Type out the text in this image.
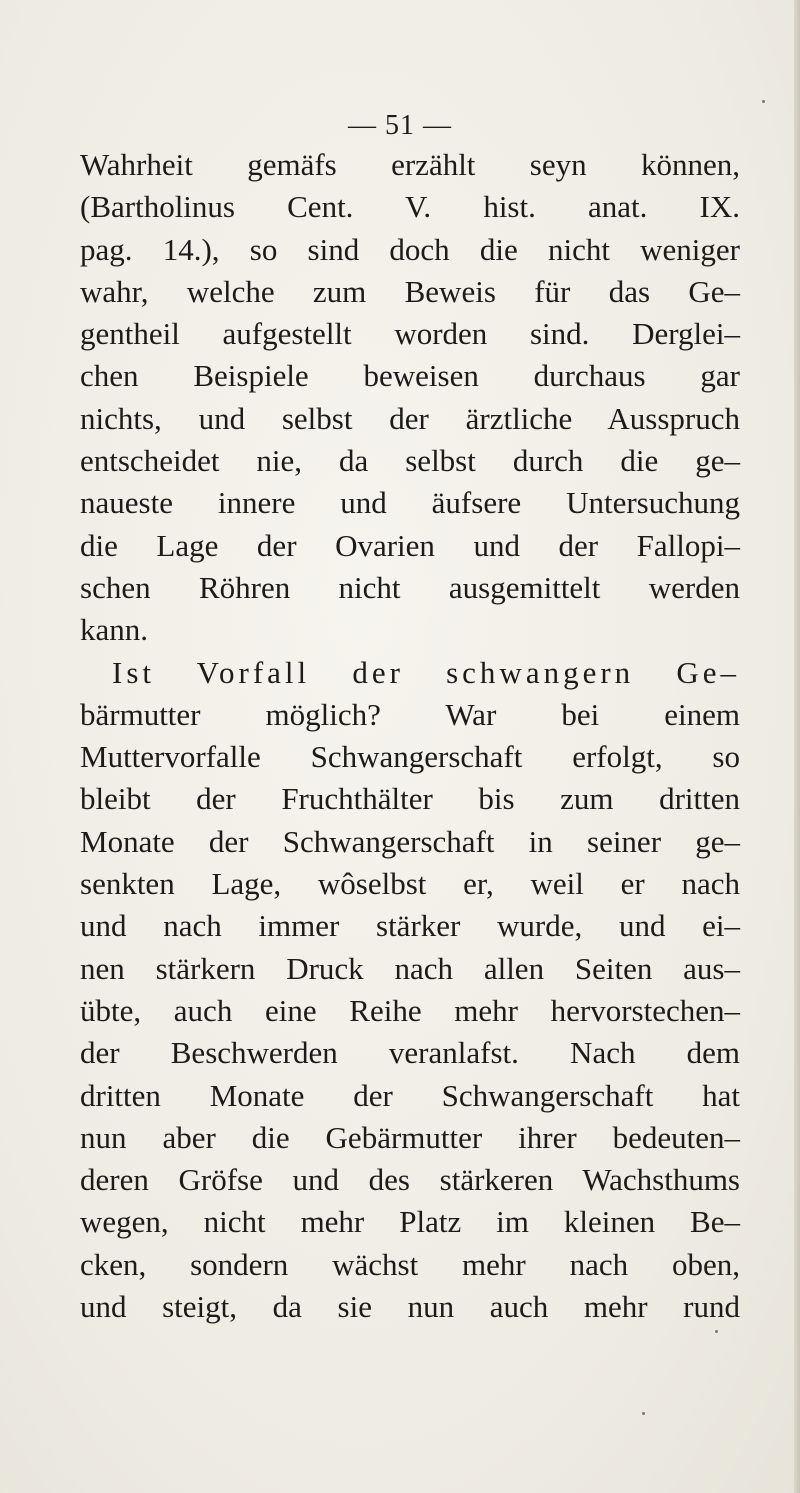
— 51 —
Wahrheit gemäfs erzählt seyn können,
(Bartholinus Cent. V. hist. anat. IX.
pag. 14.), so sind doch die nicht weniger
wahr, welche zum Beweis für das Ge–
gentheil aufgestellt worden sind. Derglei–
chen Beispiele beweisen durchaus gar
nichts, und selbst der ärztliche Ausspruch
entscheidet nie, da selbst durch die ge–
naueste innere und äufsere Untersuchung
die Lage der Ovarien und der Fallopi–
schen Röhren nicht ausgemittelt werden
kann.
Ist Vorfall der schwangern Ge–
bärmutter möglich? War bei einem
Muttervorfalle Schwangerschaft erfolgt, so
bleibt der Fruchthälter bis zum dritten
Monate der Schwangerschaft in seiner ge–
senkten Lage, wôselbst er, weil er nach
und nach immer stärker wurde, und ei–
nen stärkern Druck nach allen Seiten aus–
übte, auch eine Reihe mehr hervorstechen–
der Beschwerden veranlafst. Nach dem
dritten Monate der Schwangerschaft hat
nun aber die Gebärmutter ihrer bedeuten–
deren Gröfse und des stärkeren Wachsthums
wegen, nicht mehr Platz im kleinen Be–
cken, sondern wächst mehr nach oben,
und steigt, da sie nun auch mehr rund
